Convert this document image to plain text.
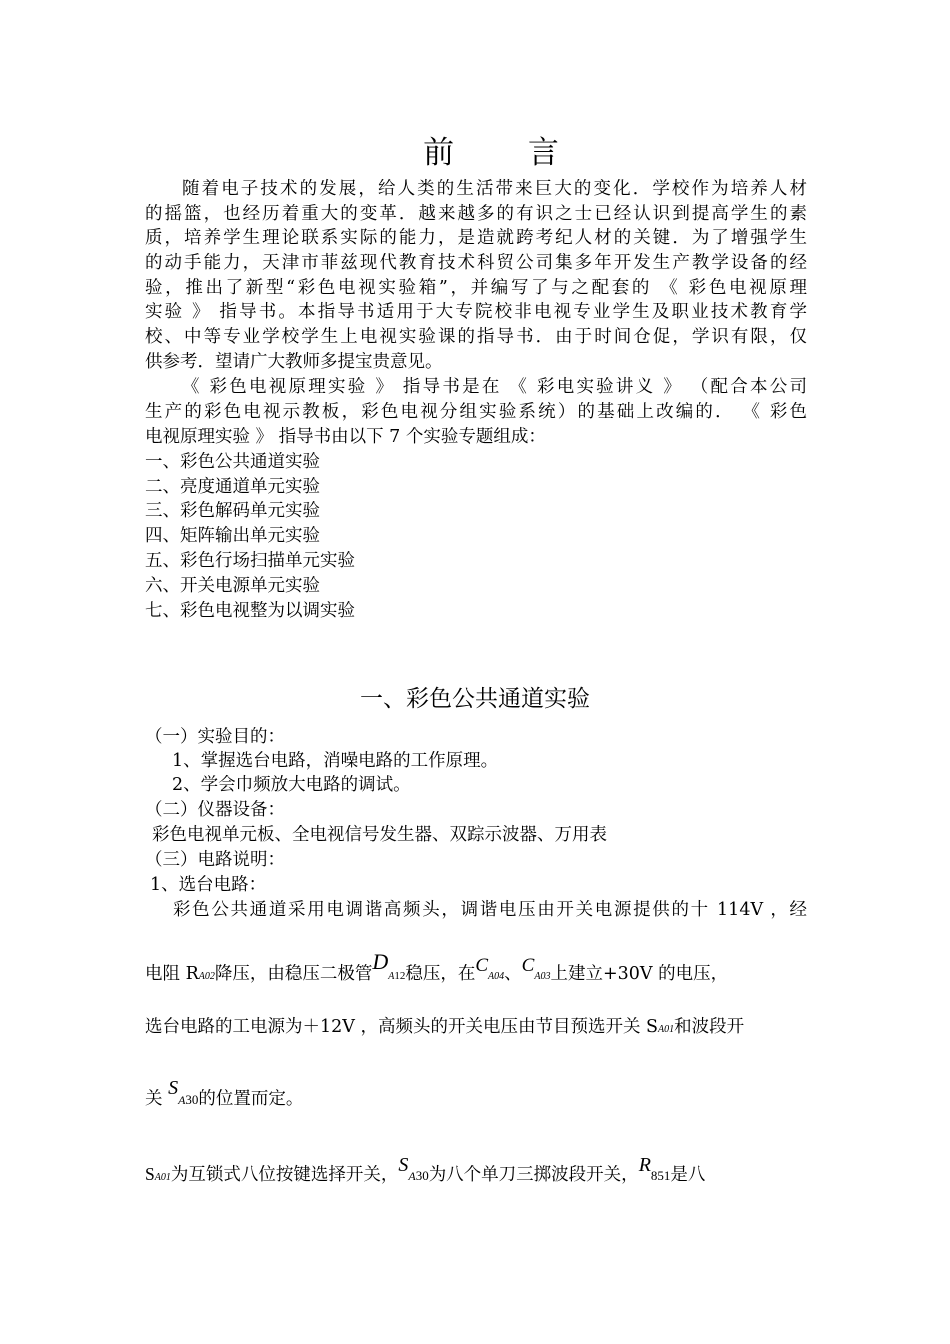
前 言
随着电子技术的发展，给人类的生活带来巨大的变化．学校作为培养人材
的摇篮，也经历着重大的变革．越来越多的有识之士已经认识到提高学生的素
质，培养学生理论联系实际的能力，是造就跨考纪人材的关键．为了增强学生
的动手能力，天津市菲兹现代教育技术科贸公司集多年开发生产教学设备的经
验，推出了新型“彩色电视实验箱”，并编写了与之配套的 《 彩色电视原理
实验 》 指导书。本指导书适用于大专院校非电视专业学生及职业技术教育学
校、中等专业学校学生上电视实验课的指导书．由于时间仓促，学识有限，仅
供参考．望请广大教师多提宝贵意见。
《 彩色电视原理实验 》 指导书是在 《 彩电实验讲义 》 （配合本公司
生产的彩色电视示教板，彩色电视分组实验系统）的基础上改编的． 《 彩色
电视原理实验 》 指导书由以下 7 个实验专题组成：
一、彩色公共通道实验
二、亮度通道单元实验
三、彩色解码单元实验
四、矩阵输出单元实验
五、彩色行场扫描单元实验
六、开关电源单元实验
七、彩色电视整为以调实验
一、彩色公共通道实验
（一）实验目的：
1、掌握选台电路，消噪电路的工作原理。
2、学会巾频放大电路的调试。
（二）仪器设备：
彩色电视单元板、全电视信号发生器、双踪示波器、万用表
（三）电路说明：
1、选台电路：
彩色公共通道采用电调谐高频头，调谐电压由开关电源提供的十 114V ，经
电阻 RA02降压，由稳压二极管DA12稳压，在CA04、CA03上建立+30V 的电压，
选台电路的工电源为＋12V ，高频头的开关电压由节目预选开关 SA01和波段开
关 SA30的位置而定。
SA01为互锁式八位按键选择开关，SA30为八个单刀三掷波段开关，R851是八
